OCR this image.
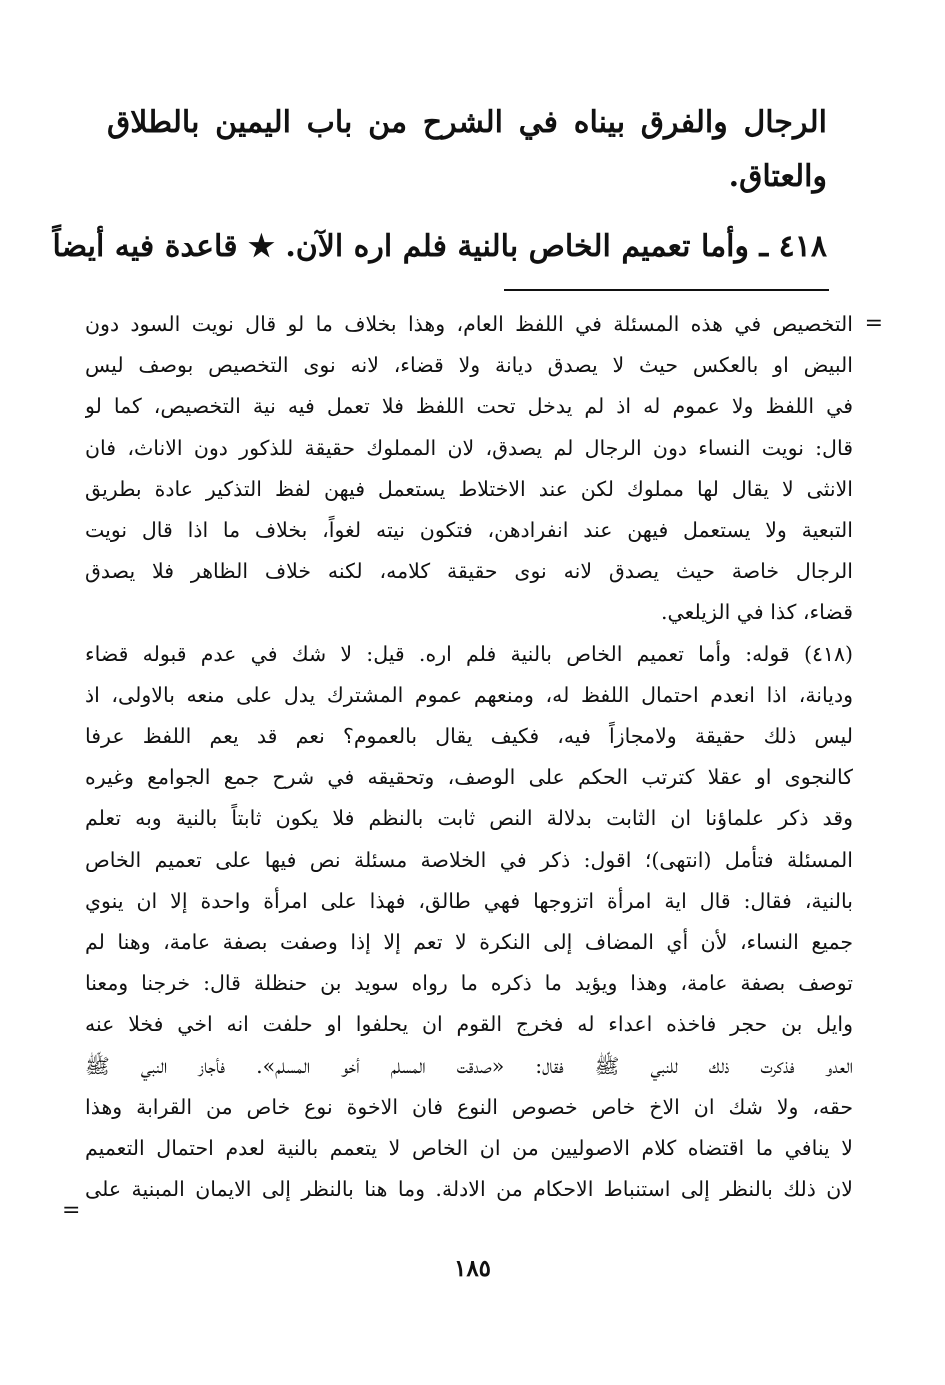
الرجال والفرق بيناه في الشرح من باب اليمين بالطلاق

والعتاق.

٤١٨ ـ وأما تعميم الخاص بالنية فلم اره الآن. ★ قاعدة فيه أيضاً
=
التخصيص في هذه المسئلة في اللفظ العام، وهذا بخلاف ما لو قال نويت السود دون
البيض او بالعكس حيث لا يصدق ديانة ولا قضاء، لانه نوى التخصيص بوصف ليس
في اللفظ ولا عموم له اذ لم يدخل تحت اللفظ فلا تعمل فيه نية التخصيص، كما لو
قال: نويت النساء دون الرجال لم يصدق، لان المملوك حقيقة للذكور دون الاناث، فان
الانثى لا يقال لها مملوك لكن عند الاختلاط يستعمل فيهن لفظ التذكير عادة بطريق
التبعية ولا يستعمل فيهن عند انفرادهن، فتكون نيته لغواً، بخلاف ما اذا قال نويت
الرجال خاصة حيث يصدق لانه نوى حقيقة كلامه، لكنه خلاف الظاهر فلا يصدق
قضاء، كذا في الزيلعي.
(٤١٨) قوله: وأما تعميم الخاص بالنية فلم اره. قيل: لا شك في عدم قبوله قضاء
وديانة، اذا انعدم احتمال اللفظ له، ومنعهم عموم المشترك يدل على منعه بالاولى، اذ
ليس ذلك حقيقة ولامجازاً فيه، فكيف يقال بالعموم؟ نعم قد يعم اللفظ عرفا
كالنجوى او عقلا كترتب الحكم على الوصف، وتحقيقه في شرح جمع الجوامع وغيره
وقد ذكر علماؤنا ان الثابت بدلالة النص ثابت بالنظم فلا يكون ثابتاً بالنية وبه تعلم
المسئلة فتأمل (انتهى)؛ اقول: ذكر في الخلاصة مسئلة نص فيها على تعميم الخاص
بالنية، فقال: قال اية امرأة اتزوجها فهي طالق، فهذا على امرأة واحدة إلا ان ينوي
جميع النساء، لأن أي المضاف إلى النكرة لا تعم إلا إذا وصفت بصفة عامة، وهنا لم
توصف بصفة عامة، وهذا ويؤيد ما ذكره ما رواه سويد بن حنظلة قال: خرجنا ومعنا
وايل بن حجر فاخذه اعداء له فخرج القوم ان يحلفوا او حلفت انه اخي فخلا عنه
العدو فذكرت ذلك للنبي ﷺ فقال: «صدقت المسلم أخو المسلم». فأجاز النبي ﷺ
حقه، ولا شك ان الاخ خاص خصوص النوع فان الاخوة نوع خاص من القرابة وهذا
لا ينافي ما اقتضاه كلام الاصوليين من ان الخاص لا يتعمم بالنية لعدم احتمال التعميم
لان ذلك بالنظر إلى استنباط الاحكام من الادلة. وما هنا بالنظر إلى الايمان المبنية على
=
١٨٥
